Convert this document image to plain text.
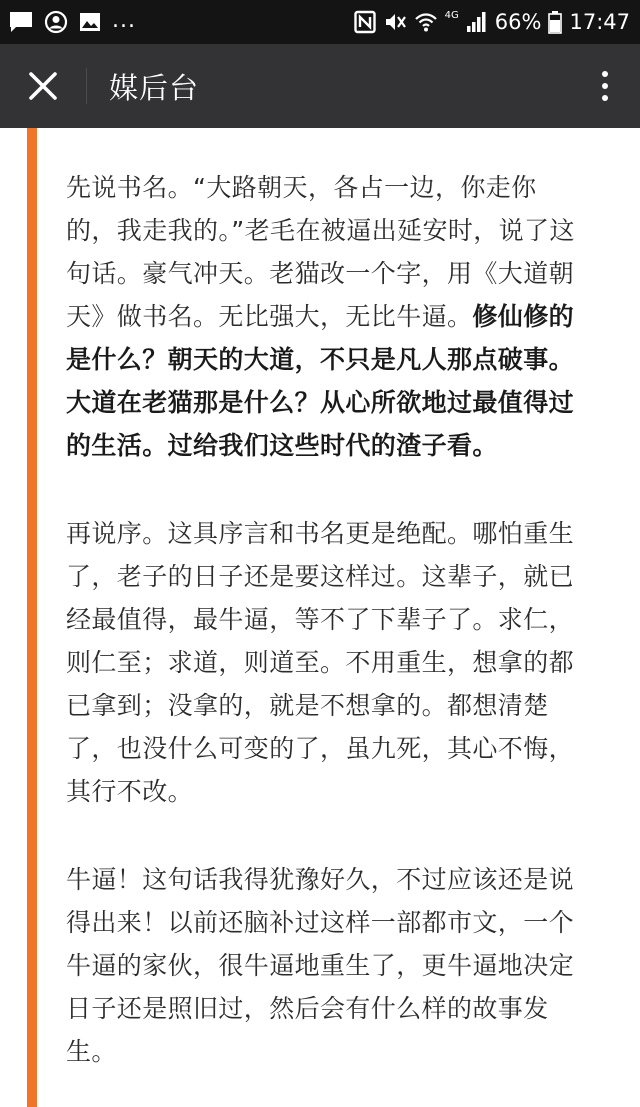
...	4G 66% 17:47
媒后台

先说书名。“大路朝天，各占一边，你走你的，我走我的。”老毛在被逼出延安时，说了这句话。豪气冲天。老猫改一个字，用《大道朝天》做书名。无比强大，无比牛逼。修仙修的是什么？朝天的大道，不只是凡人那点破事。大道在老猫那是什么？从心所欲地过最值得过的生活。过给我们这些时代的渣子看。

再说序。这具序言和书名更是绝配。哪怕重生了，老子的日子还是要这样过。这辈子，就已经最值得，最牛逼，等不了下辈子了。求仁，则仁至；求道，则道至。不用重生，想拿的都已拿到；没拿的，就是不想拿的。都想清楚了，也没什么可变的了，虽九死，其心不悔，其行不改。

牛逼！这句话我得犹豫好久，不过应该还是说得出来！以前还脑补过这样一部都市文，一个牛逼的家伙，很牛逼地重生了，更牛逼地决定日子还是照旧过，然后会有什么样的故事发生。
